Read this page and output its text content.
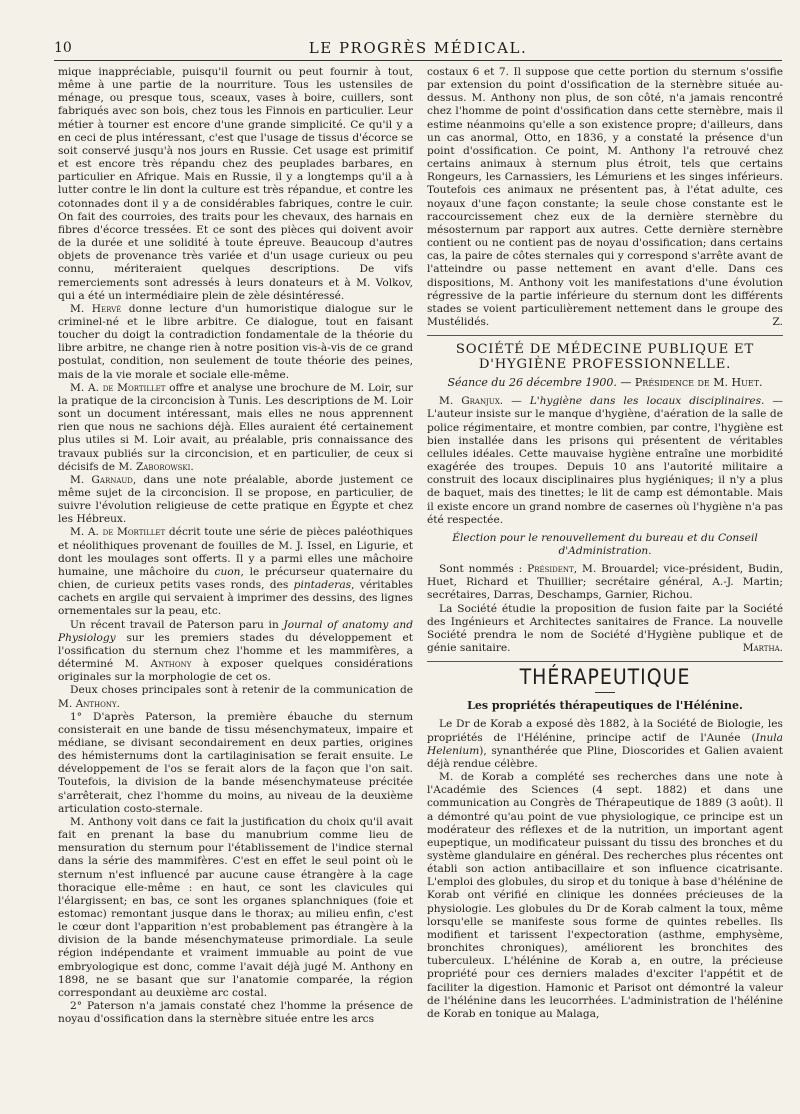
10	LE PROGRÈS MÉDICAL.

mique inappréciable, puisqu'il fournit ou peut fournir à tout, même à une partie de la nourriture. Tous les ustensiles de ménage, ou presque tous, sceaux, vases à boire, cuillers, sont fabriqués avec son bois, chez tous les Finnois en particulier. Leur métier à tourner est encore d'une grande simplicité. Ce qu'il y a en ceci de plus intéressant, c'est que l'usage de tissus d'écorce se soit conservé jusqu'à nos jours en Russie. Cet usage est primitif et est encore très répandu chez des peuplades barbares, en particulier en Afrique. Mais en Russie, il y a longtemps qu'il a à lutter contre le lin dont la culture est très répandue, et contre les cotonnades dont il y a de considérables fabriques, contre le cuir. On fait des courroies, des traits pour les chevaux, des harnais en fibres d'écorce tressées. Et ce sont des pièces qui doivent avoir de la durée et une solidité à toute épreuve. Beaucoup d'autres objets de provenance très variée et d'un usage curieux ou peu connu, mériteraient quelques descriptions. De vifs remerciements sont adressés à leurs donateurs et à M. Volkov, qui a été un intermédiaire plein de zèle désintéressé.

M. Hervé donne lecture d'un humoristique dialogue sur le criminel-né et le libre arbitre. Ce dialogue, tout en faisant toucher du doigt la contradiction fondamentale de la théorie du libre arbitre, ne change rien à notre position vis-à-vis de ce grand postulat, condition, non seulement de toute théorie des peines, mais de la vie morale et sociale elle-même.

M. A. de Mortillet offre et analyse une brochure de M. Loir, sur la pratique de la circoncision à Tunis. Les descriptions de M. Loir sont un document intéressant, mais elles ne nous apprennent rien que nous ne sachions déjà. Elles auraient été certainement plus utiles si M. Loir avait, au préalable, pris connaissance des travaux publiés sur la circoncision, et en particulier, de ceux si décisifs de M. Zaborowski.

M. Garnaud, dans une note préalable, aborde justement ce même sujet de la circoncision. Il se propose, en particulier, de suivre l'évolution religieuse de cette pratique en Égypte et chez les Hébreux.

M. A. de Mortillet décrit toute une série de pièces paléothiques et néolithiques provenant de fouilles de M. J. Issel, en Ligurie, et dont les moulages sont offerts. Il y a parmi elles une mâchoire humaine, une mâchoire du cuon, le précurseur quaternaire du chien, de curieux petits vases ronds, des pintaderas, véritables cachets en argile qui servaient à imprimer des dessins, des lignes ornementales sur la peau, etc.

Un récent travail de Paterson paru in Journal of anatomy and Physiology sur les premiers stades du développement et l'ossification du sternum chez l'homme et les mammifères, a déterminé M. Anthony à exposer quelques considérations originales sur la morphologie de cet os.

Deux choses principales sont à retenir de la communication de M. Anthony.

1° D'après Paterson, la première ébauche du sternum consisterait en une bande de tissu mésenchymateux, impaire et médiane, se divisant secondairement en deux parties, origines des hémisternums dont la cartilaginisation se ferait ensuite. Le développement de l'os se ferait alors de la façon que l'on sait. Toutefois, la division de la bande mésenchymateuse précitée s'arrêterait, chez l'homme du moins, au niveau de la deuxième articulation costo-sternale.

M. Anthony voit dans ce fait la justification du choix qu'il avait fait en prenant la base du manubrium comme lieu de mensuration du sternum pour l'établissement de l'indice sternal dans la série des mammifères. C'est en effet le seul point où le sternum n'est influencé par aucune cause étrangère à la cage thoracique elle-même : en haut, ce sont les clavicules qui l'élargissent; en bas, ce sont les organes splanchniques (foie et estomac) remontant jusque dans le thorax; au milieu enfin, c'est le cœur dont l'apparition n'est probablement pas étrangère à la division de la bande mésenchymateuse primordiale. La seule région indépendante et vraiment immuable au point de vue embryologique est donc, comme l'avait déjà jugé M. Anthony en 1898, ne se basant que sur l'anatomie comparée, la région correspondant au deuxième arc costal.

2° Paterson n'a jamais constaté chez l'homme la présence de noyau d'ossification dans la sternèbre située entre les arcs

costaux 6 et 7. Il suppose que cette portion du sternum s'ossifie par extension du point d'ossification de la sternèbre située au-dessus. M. Anthony non plus, de son côté, n'a jamais rencontré chez l'homme de point d'ossification dans cette sternèbre, mais il estime néanmoins qu'elle a son existence propre; d'ailleurs, dans un cas anormal, Otto, en 1836, y a constaté la présence d'un point d'ossification. Ce point, M. Anthony l'a retrouvé chez certains animaux à sternum plus étroit, tels que certains Rongeurs, les Carnassiers, les Lémuriens et les singes inférieurs. Toutefois ces animaux ne présentent pas, à l'état adulte, ces noyaux d'une façon constante; la seule chose constante est le raccourcissement chez eux de la dernière sternèbre du mésosternum par rapport aux autres. Cette dernière sternèbre contient ou ne contient pas de noyau d'ossification; dans certains cas, la paire de côtes sternales qui y correspond s'arrête avant de l'atteindre ou passe nettement en avant d'elle. Dans ces dispositions, M. Anthony voit les manifestations d'une évolution régressive de la partie inférieure du sternum dont les différents stades se voient particulièrement nettement dans le groupe des Mustélidés.	Z.

SOCIÉTÉ DE MÉDECINE PUBLIQUE ET D'HYGIÈNE PROFESSIONNELLE.
Séance du 26 décembre 1900. — Présidence de M. Huet.

M. Granjux. — L'hygiène dans les locaux disciplinaires. — L'auteur insiste sur le manque d'hygiène, d'aération de la salle de police régimentaire, et montre combien, par contre, l'hygiène est bien installée dans les prisons qui présentent de véritables cellules idéales. Cette mauvaise hygiène entraîne une morbidité exagérée des troupes. Depuis 10 ans l'autorité militaire a construit des locaux disciplinaires plus hygiéniques; il n'y a plus de baquet, mais des tinettes; le lit de camp est démontable. Mais il existe encore un grand nombre de casernes où l'hygiène n'a pas été respectée.

Élection pour le renouvellement du bureau et du Conseil d'Administration.

Sont nommés : Président, M. Brouardel; vice-président, Budin, Huet, Richard et Thuillier; secrétaire général, A.-J. Martin; secrétaires, Darras, Deschamps, Garnier, Richou.

La Société étudie la proposition de fusion faite par la Société des Ingénieurs et Architectes sanitaires de France. La nouvelle Société prendra le nom de Société d'Hygiène publique et de génie sanitaire.	Martha.

THÉRAPEUTIQUE
Les propriétés thérapeutiques de l'Hélénine.

Le Dr de Korab a exposé dès 1882, à la Société de Biologie, les propriétés de l'Hélénine, principe actif de l'Aunée (Inula Helenium), synanthérée que Pline, Dioscorides et Galien avaient déjà rendue célèbre.

M. de Korab a complété ses recherches dans une note à l'Académie des Sciences (4 sept. 1882) et dans une communication au Congrès de Thérapeutique de 1889 (3 août). Il a démontré qu'au point de vue physiologique, ce principe est un modérateur des réflexes et de la nutrition, un important agent eupeptique, un modificateur puissant du tissu des bronches et du système glandulaire en général. Des recherches plus récentes ont établi son action antibacillaire et son influence cicatrisante. L'emploi des globules, du sirop et du tonique à base d'hélénine de Korab ont vérifié en clinique les données précieuses de la physiologie. Les globules du Dr de Korab calment la toux, même lorsqu'elle se manifeste sous forme de quintes rebelles. Ils modifient et tarissent l'expectoration (asthme, emphysème, bronchites chroniques), améliorent les bronchites des tuberculeux. L'hélénine de Korab a, en outre, la précieuse propriété pour ces derniers malades d'exciter l'appétit et de faciliter la digestion. Hamonic et Parisot ont démontré la valeur de l'hélénine dans les leucorrhées. L'administration de l'hélénine de Korab en tonique au Malaga,
